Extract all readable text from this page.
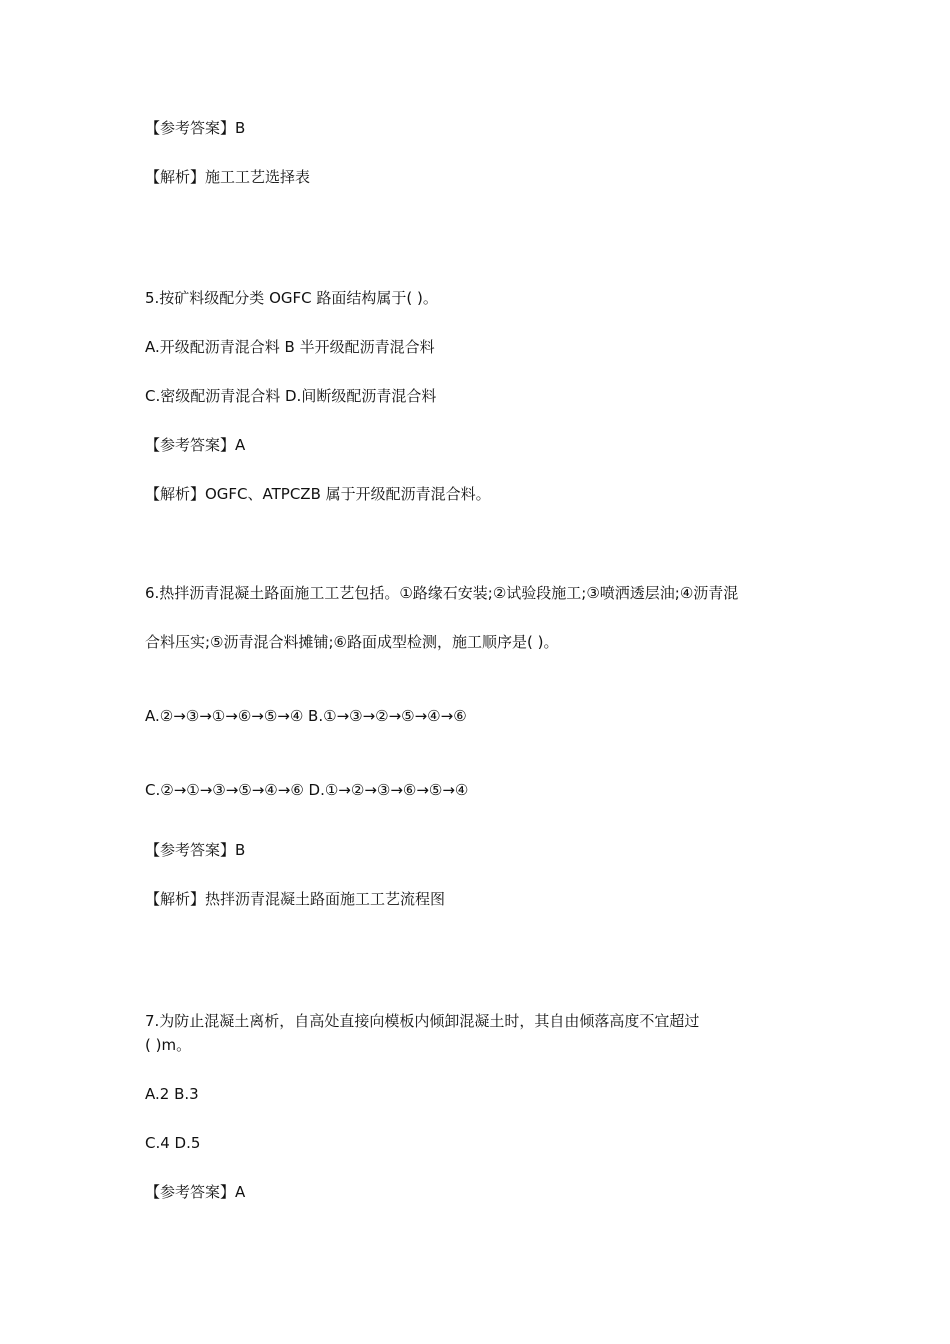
【参考答案】B
【解析】施工工艺选择表
5.按矿料级配分类 OGFC 路面结构属于( )。
A.开级配沥青混合料 B 半开级配沥青混合料
C.密级配沥青混合料 D.间断级配沥青混合料
【参考答案】A
【解析】OGFC、ATPCZB 属于开级配沥青混合料。
6.热拌沥青混凝土路面施工工艺包括。①路缘石安装;②试验段施工;③喷洒透层油;④沥青混
合料压实;⑤沥青混合料摊铺;⑥路面成型检测，施工顺序是( )。
A.②→③→①→⑥→⑤→④ B.①→③→②→⑤→④→⑥
C.②→①→③→⑤→④→⑥ D.①→②→③→⑥→⑤→④
【参考答案】B
【解析】热拌沥青混凝土路面施工工艺流程图
7.为防止混凝土离析，自高处直接向模板内倾卸混凝土时，其自由倾落高度不宜超过
( )m。
A.2 B.3
C.4 D.5
【参考答案】A
